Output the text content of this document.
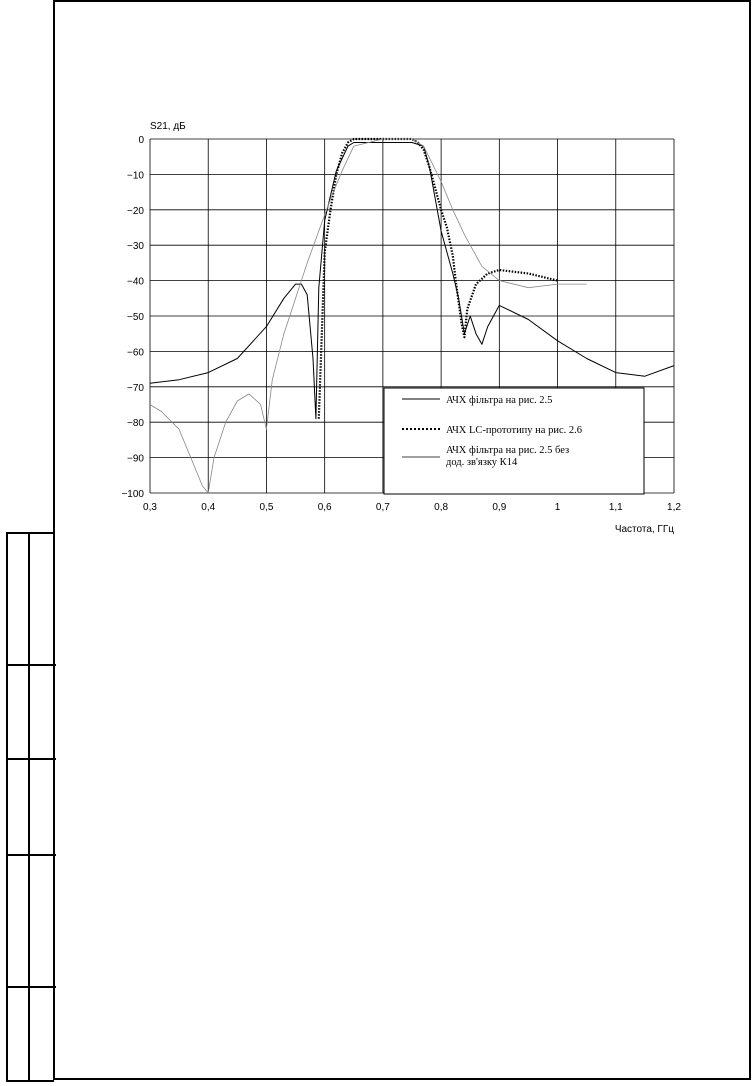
0,3	0,4	0,5	0,6	0,7	0,8	0,9	1	1,1	1,2
0
−10
−20
−30
−40
−50
−60
−70
−80
−90
−100
S21, дБ
Частота, ГГц
АЧХ фільтра на рис. 2.5
АЧХ LC-прототипу на рис. 2.6
АЧХ фільтра на рис. 2.5 без дод. зв'язку К14
